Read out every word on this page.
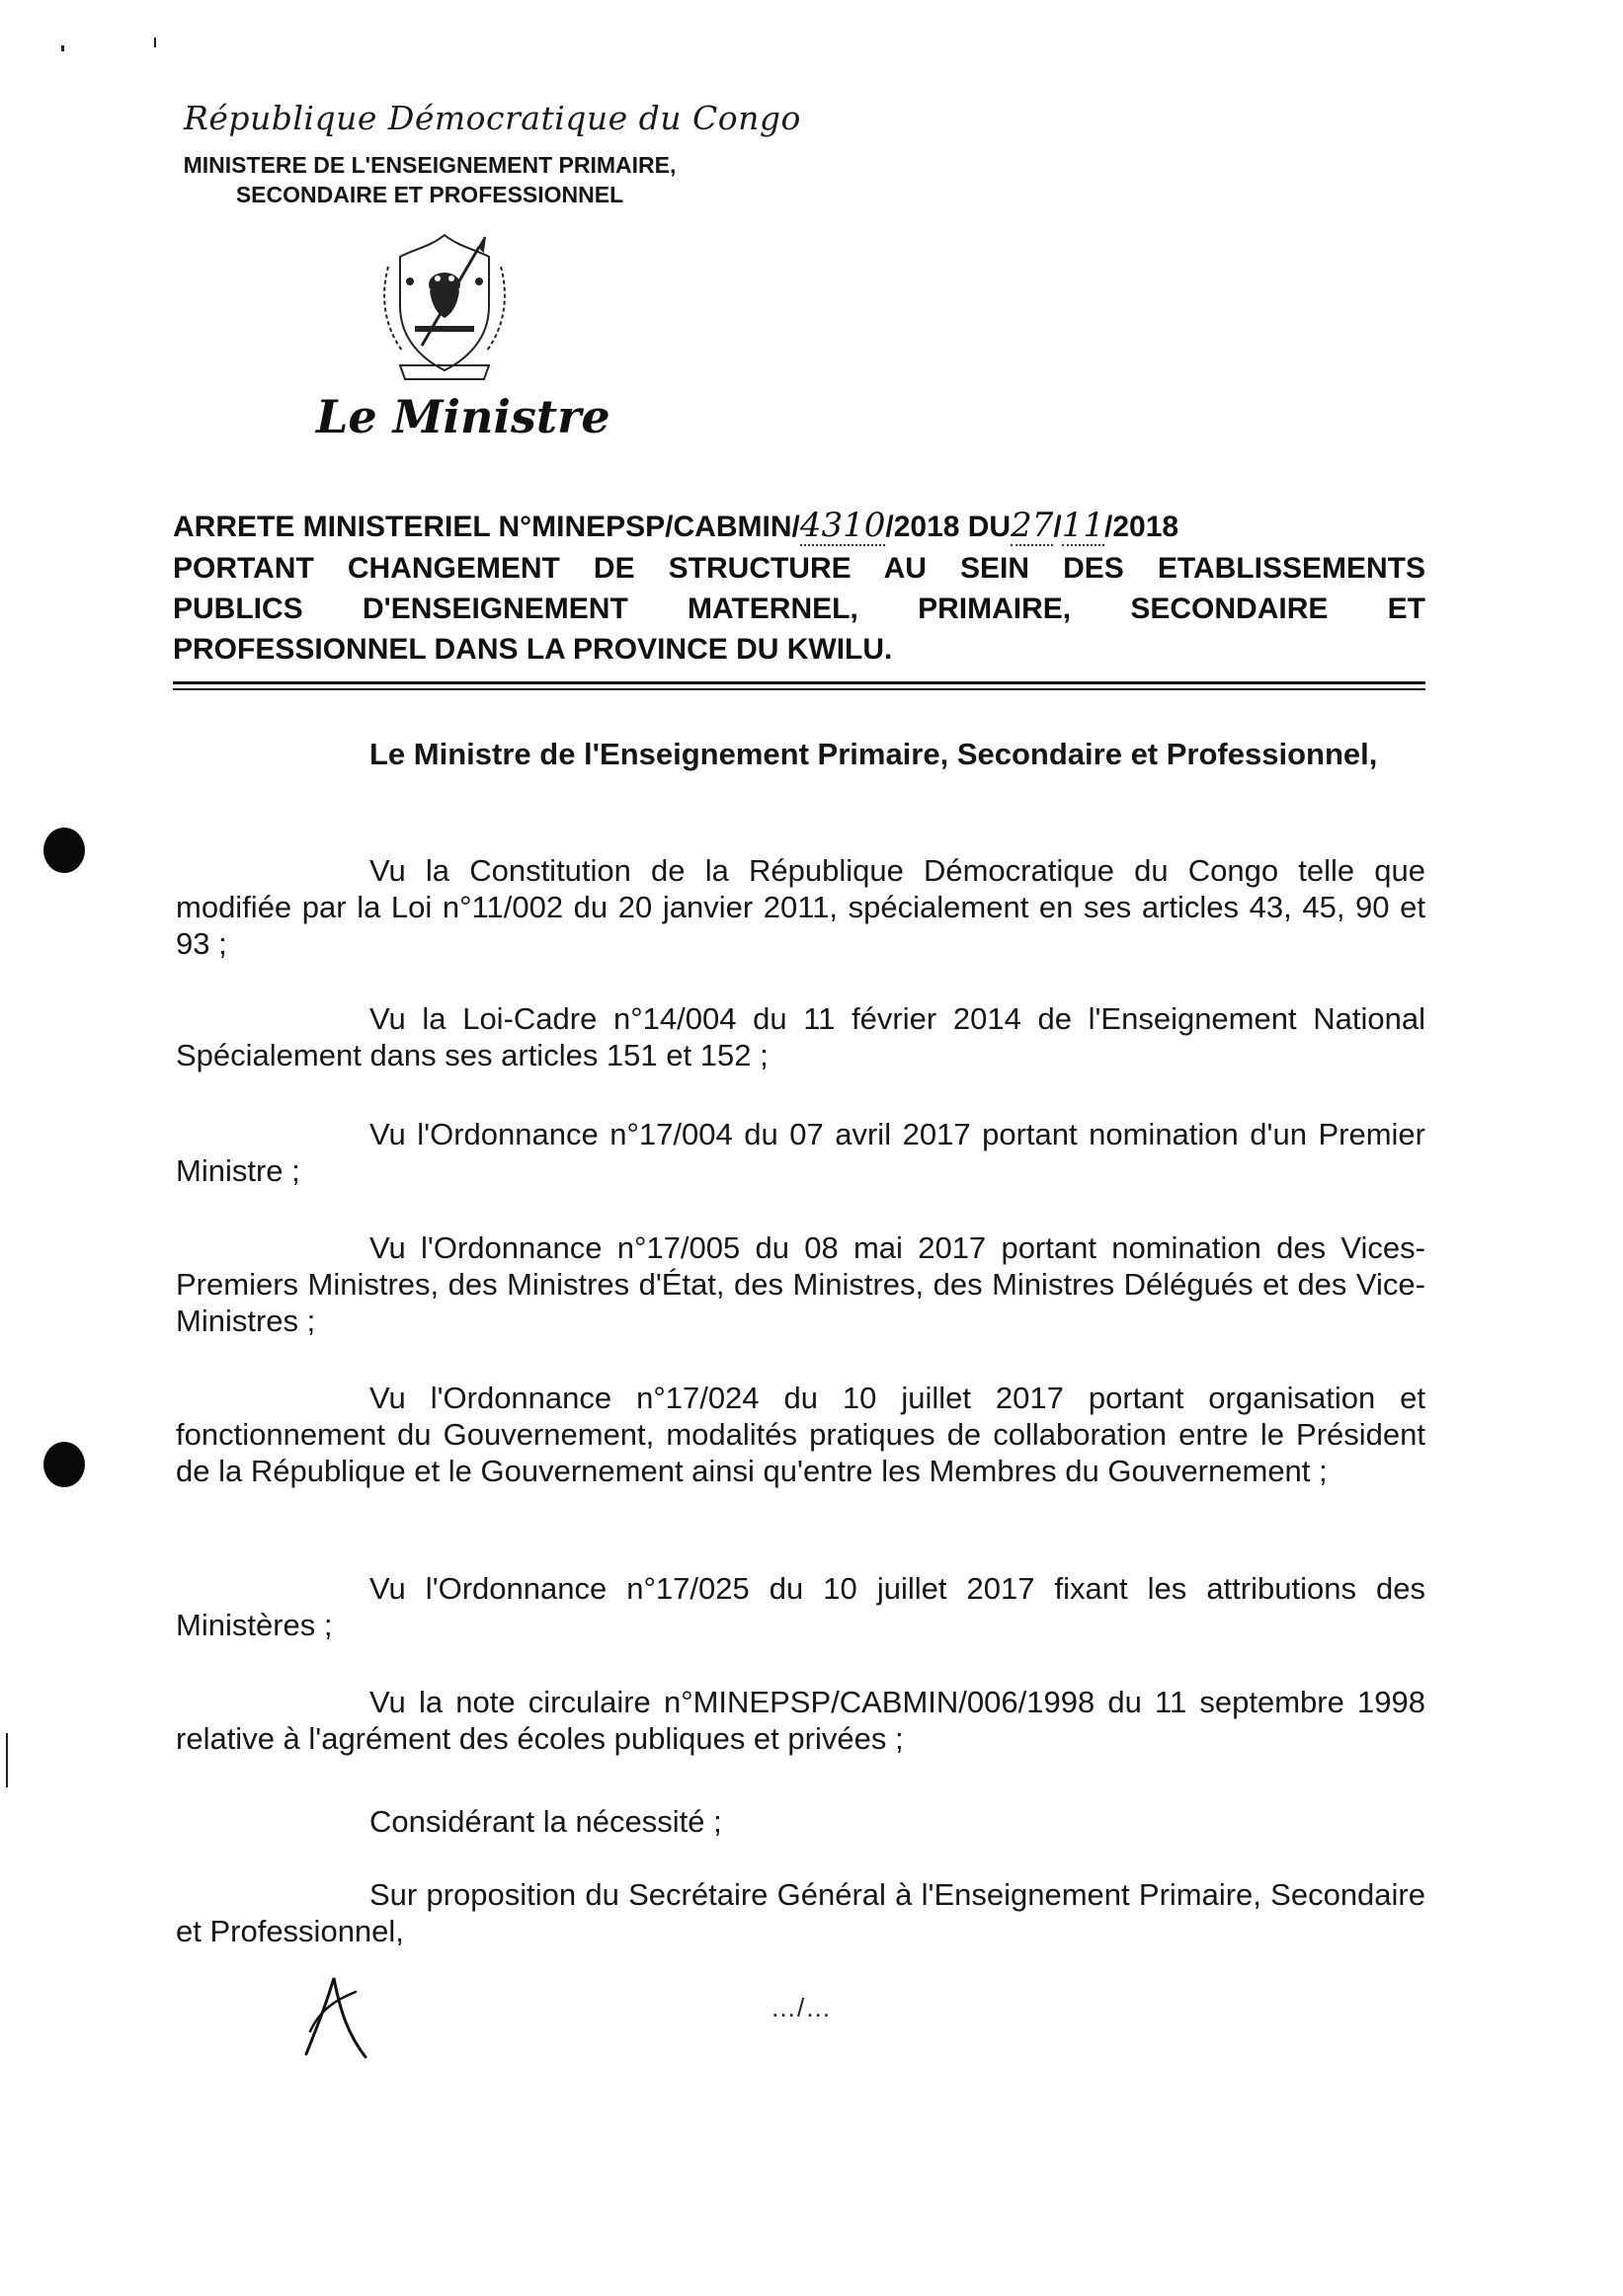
République Démocratique du Congo
MINISTERE DE L'ENSEIGNEMENT PRIMAIRE,
SECONDAIRE ET PROFESSIONNEL
Le Ministre
ARRETE MINISTERIEL N°MINEPSP/CABMIN/ 4310 /2018 DU 27 / 11 /2018
PORTANT CHANGEMENT DE STRUCTURE AU SEIN DES ETABLISSEMENTS
PUBLICS D'ENSEIGNEMENT MATERNEL, PRIMAIRE, SECONDAIRE ET
PROFESSIONNEL DANS LA PROVINCE DU KWILU.

Le Ministre de l'Enseignement Primaire, Secondaire et Professionnel,

Vu la Constitution de la République Démocratique du Congo telle que modifiée par la Loi n°11/002 du 20 janvier 2011, spécialement en ses articles 43, 45, 90 et 93 ;

Vu la Loi-Cadre n°14/004 du 11 février 2014 de l'Enseignement National Spécialement dans ses articles 151 et 152 ;

Vu l'Ordonnance n°17/004 du 07 avril 2017 portant nomination d'un Premier Ministre ;

Vu l'Ordonnance n°17/005 du 08 mai 2017 portant nomination des Vices-Premiers Ministres, des Ministres d'État, des Ministres, des Ministres Délégués et des Vice-Ministres ;

Vu l'Ordonnance n°17/024 du 10 juillet 2017 portant organisation et fonctionnement du Gouvernement, modalités pratiques de collaboration entre le Président de la République et le Gouvernement ainsi qu'entre les Membres du Gouvernement ;

Vu l'Ordonnance n°17/025 du 10 juillet 2017 fixant les attributions des Ministères ;

Vu la note circulaire n°MINEPSP/CABMIN/006/1998 du 11 septembre 1998 relative à l'agrément des écoles publiques et privées ;

Considérant la nécessité ;

Sur proposition du Secrétaire Général à l'Enseignement Primaire, Secondaire et Professionnel,

…/…
